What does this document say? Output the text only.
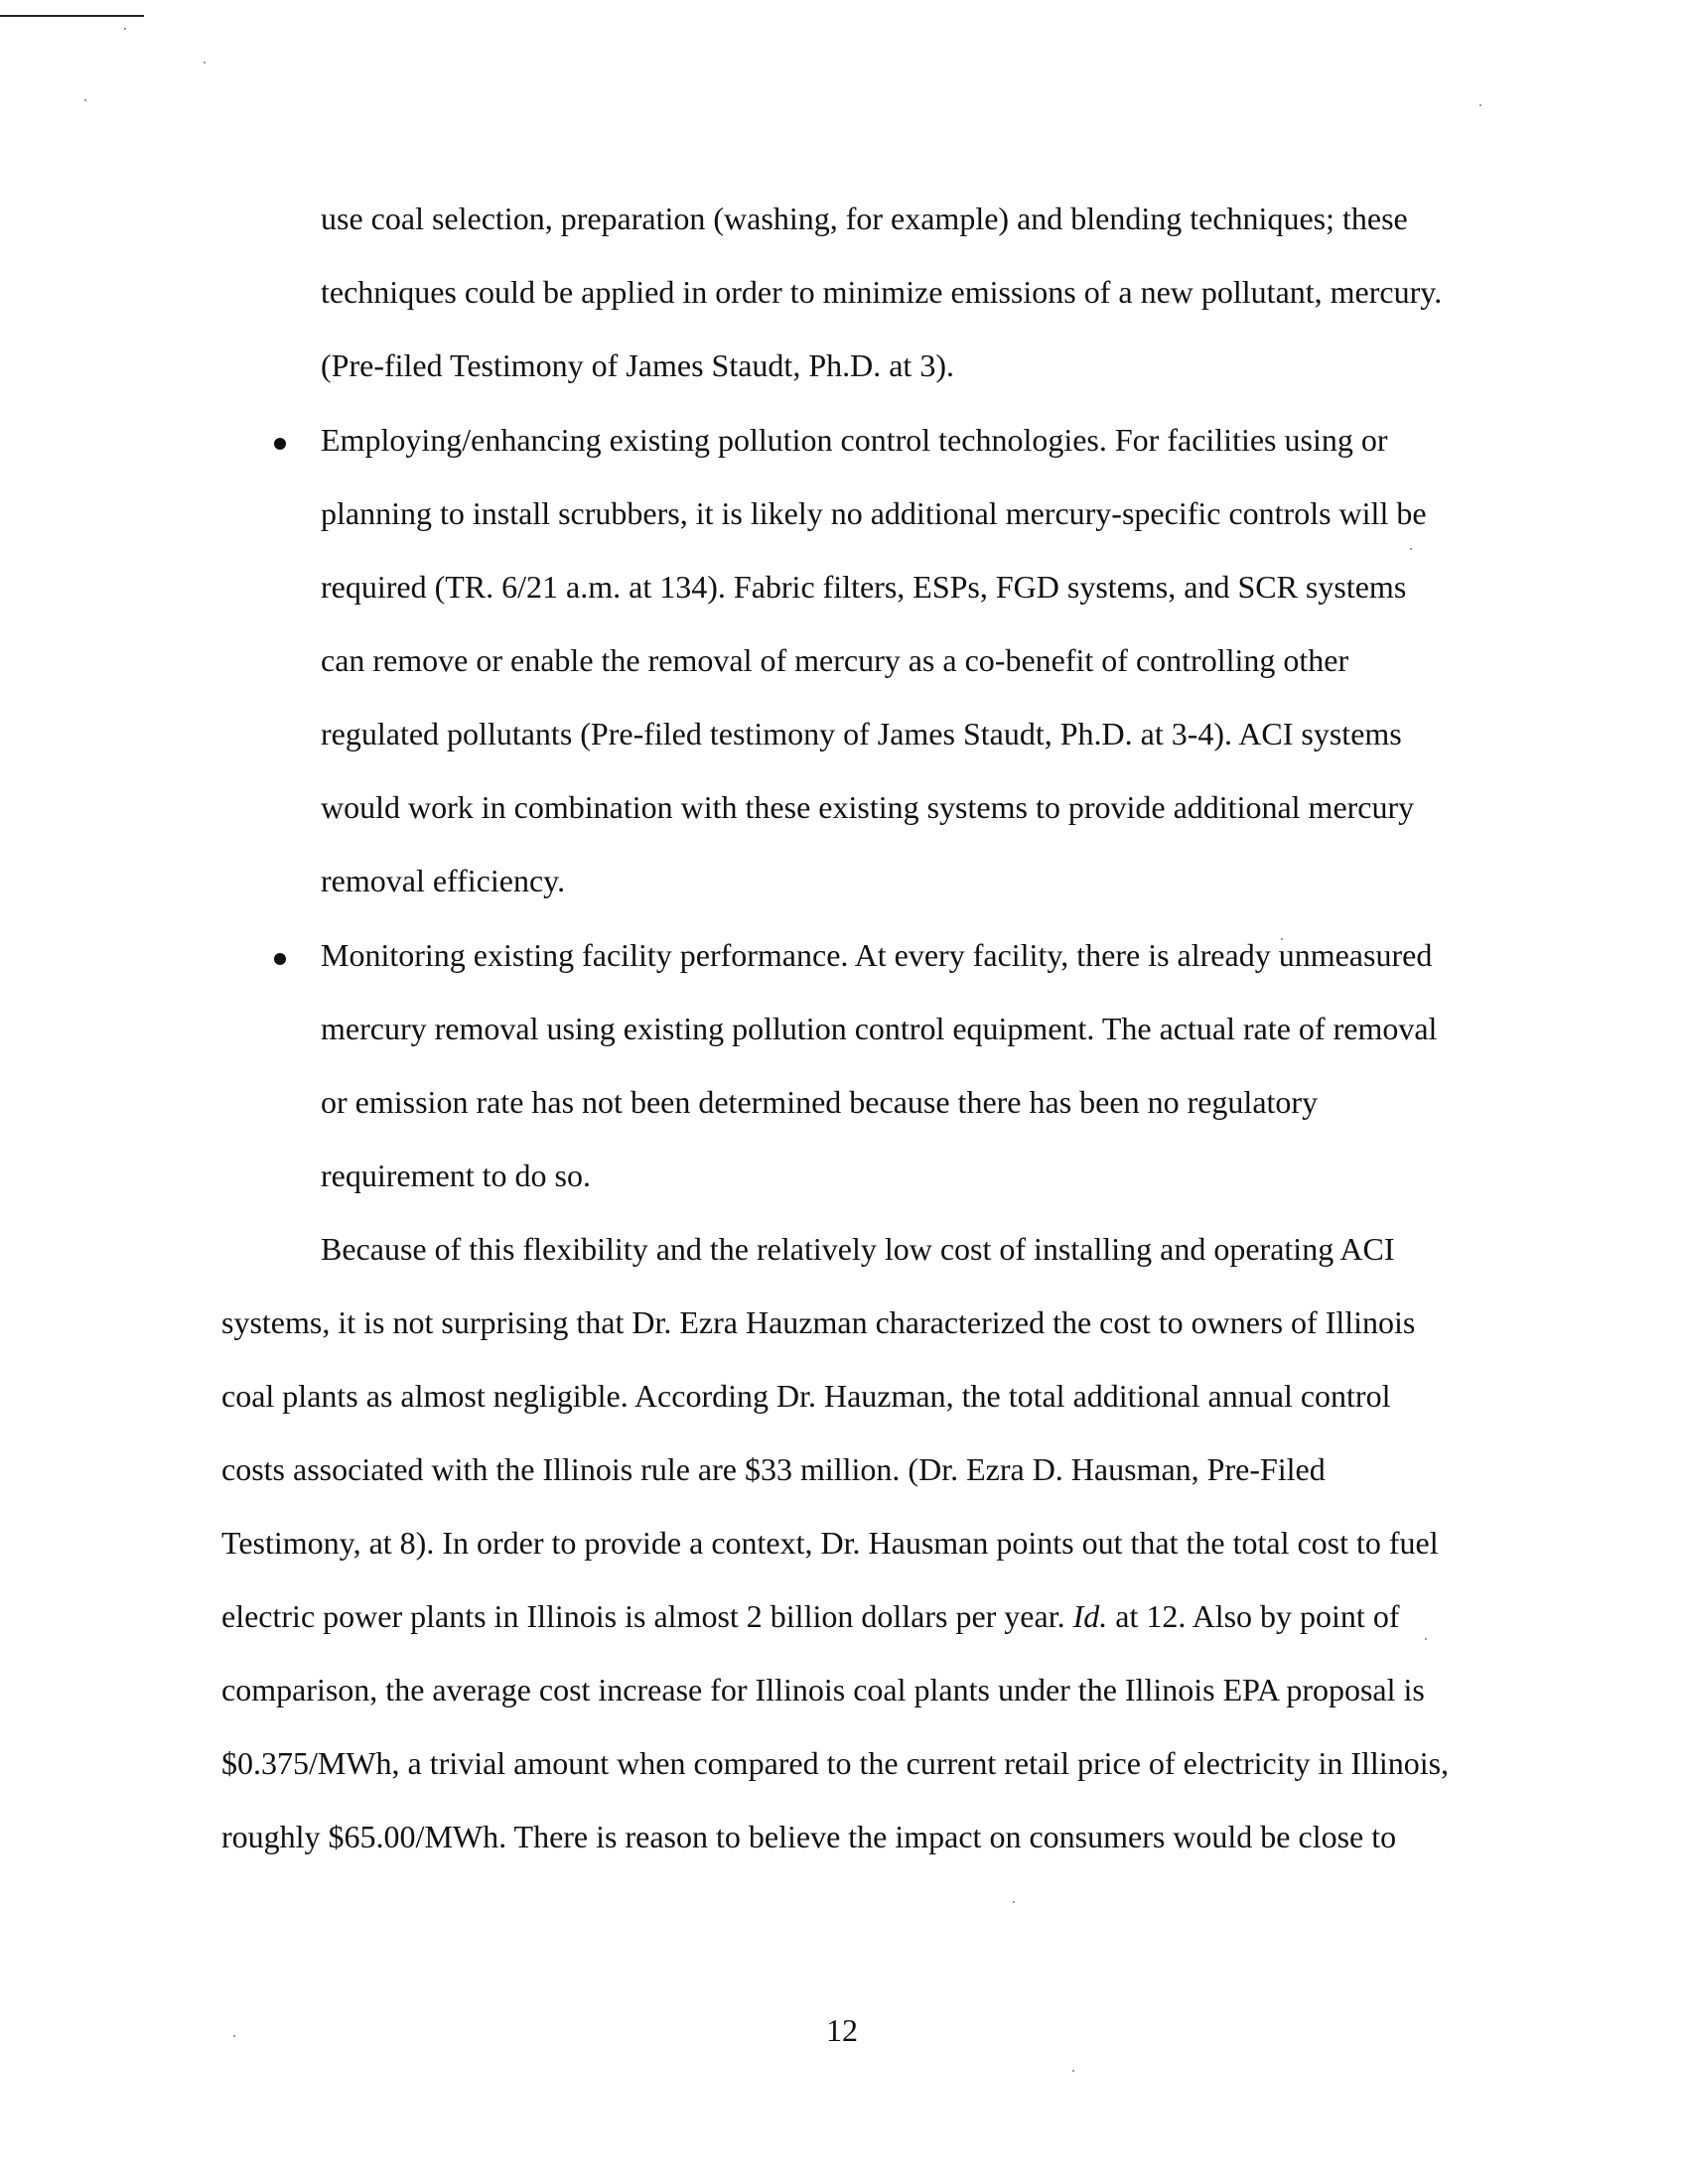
use coal selection, preparation (washing, for example) and blending techniques; these
techniques could be applied in order to minimize emissions of a new pollutant, mercury.
(Pre-filed Testimony of James Staudt, Ph.D. at 3).
Employing/enhancing existing pollution control technologies. For facilities using or
planning to install scrubbers, it is likely no additional mercury-specific controls will be
required (TR. 6/21 a.m. at 134). Fabric filters, ESPs, FGD systems, and SCR systems
can remove or enable the removal of mercury as a co-benefit of controlling other
regulated pollutants (Pre-filed testimony of James Staudt, Ph.D. at 3-4). ACI systems
would work in combination with these existing systems to provide additional mercury
removal efficiency.
Monitoring existing facility performance. At every facility, there is already unmeasured
mercury removal using existing pollution control equipment. The actual rate of removal
or emission rate has not been determined because there has been no regulatory
requirement to do so.
Because of this flexibility and the relatively low cost of installing and operating ACI
systems, it is not surprising that Dr. Ezra Hauzman characterized the cost to owners of Illinois
coal plants as almost negligible. According Dr. Hauzman, the total additional annual control
costs associated with the Illinois rule are $33 million. (Dr. Ezra D. Hausman, Pre-Filed
Testimony, at 8). In order to provide a context, Dr. Hausman points out that the total cost to fuel
electric power plants in Illinois is almost 2 billion dollars per year. Id. at 12. Also by point of
comparison, the average cost increase for Illinois coal plants under the Illinois EPA proposal is
$0.375/MWh, a trivial amount when compared to the current retail price of electricity in Illinois,
roughly $65.00/MWh. There is reason to believe the impact on consumers would be close to
12
